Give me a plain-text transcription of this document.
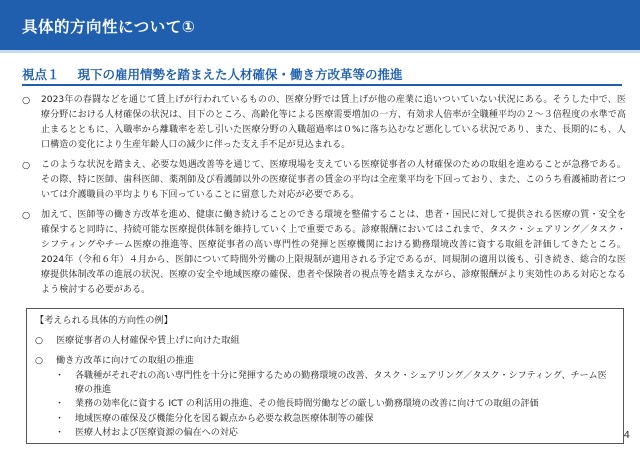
具体的方向性について①
視点１ 現下の雇用情勢を踏まえた人材確保・働き方改革等の推進
○ 2023年の春闘などを通じて賃上げが行われているものの、医療分野では賃上げが他の産業に追いついていない状況にある。そうした中で、医療分野における人材確保の状況は、目下のところ、高齢化等による医療需要増加の一方、有効求人倍率が全職種平均の２～３倍程度の水準で高止まるとともに、入職率から離職率を差し引いた医療分野の入職超過率は０%に落ち込むなど悪化している状況であり、また、長期的にも、人口構造の変化により生産年齢人口の減少に伴った支え手不足が見込まれる。
○ このような状況を踏まえ、必要な処遇改善等を通じて、医療現場を支えている医療従事者の人材確保のための取組を進めることが急務である。その際、特に医師、歯科医師、薬剤師及び看護師以外の医療従事者の賃金の平均は全産業平均を下回っており、また、このうち看護補助者については介護職員の平均よりも下回っていることに留意した対応が必要である。
○ 加えて、医師等の働き方改革を進め、健康に働き続けることのできる環境を整備することは、患者・国民に対して提供される医療の質・安全を確保すると同時に、持続可能な医療提供体制を維持していく上で重要である。診療報酬においてはこれまで、タスク・シェアリング／タスク・シフティングやチーム医療の推進等、医療従事者の高い専門性の発揮と医療機関における勤務環境改善に資する取組を評価してきたところ。2024年（令和６年）４月から、医師について時間外労働の上限規制が適用される予定であるが、同規制の適用以後も、引き続き、総合的な医療提供体制改革の進展の状況、医療の安全や地域医療の確保、患者や保険者の視点等を踏まえながら、診療報酬がより実効性のある対応となるよう検討する必要がある。
【考えられる具体的方向性の例】
○ 医療従事者の人材確保や賃上げに向けた取組
○ 働き方改革に向けての取組の推進
・ 各職種がそれぞれの高い専門性を十分に発揮するための勤務環境の改善、タスク・シェアリング／タスク・シフティング、チーム医療の推進
・ 業務の効率化に資する ICT の利活用の推進、その他長時間労働などの厳しい勤務環境の改善に向けての取組の評価
・ 地域医療の確保及び機能分化を図る観点から必要な救急医療体制等の確保
・ 医療人材および医療資源の偏在への対応	4
